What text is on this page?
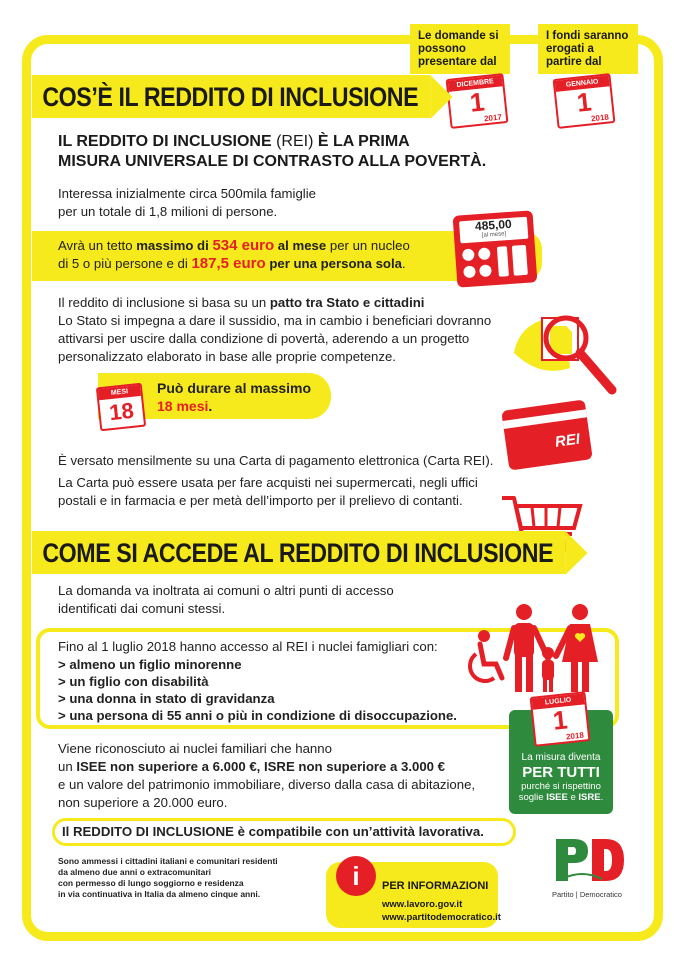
Le domande si possono presentare dal
I fondi saranno erogati a partire dal
DICEMBRE
1
2017
GENNAIO
1
2018
COS’È IL REDDITO DI INCLUSIONE
IL REDDITO DI INCLUSIONE (REI) È LA PRIMA
MISURA UNIVERSALE DI CONTRASTO ALLA POVERTÀ.
Interessa inizialmente circa 500mila famiglie
per un totale di 1,8 milioni di persone.
Avrà un tetto massimo di 534 euro al mese per un nucleo
di 5 o più persone e di 187,5 euro per una persona sola.
485,00
[al mese]
Il reddito di inclusione si basa su un patto tra Stato e cittadini
Lo Stato si impegna a dare il sussidio, ma in cambio i beneficiari dovranno
attivarsi per uscire dalla condizione di povertà, aderendo a un progetto
personalizzato elaborato in base alle proprie competenze.
MESI
18
Può durare al massimo
18 mesi.
REI
È versato mensilmente su una Carta di pagamento elettronica (Carta REI).
La Carta può essere usata per fare acquisti nei supermercati, negli uffici
postali e in farmacia e per metà dell’importo per il prelievo di contanti.
COME SI ACCEDE AL REDDITO DI INCLUSIONE
La domanda va inoltrata ai comuni o altri punti di accesso
identificati dai comuni stessi.
Fino al 1 luglio 2018 hanno accesso al REI i nuclei famigliari con:
> almeno un figlio minorenne
> un figlio con disabilità
> una donna in stato di gravidanza
> una persona di 55 anni o più in condizione di disoccupazione.
Viene riconosciuto ai nuclei familiari che hanno
un ISEE non superiore a 6.000 €, ISRE non superiore a 3.000 €
e un valore del patrimonio immobiliare, diverso dalla casa di abitazione,
non superiore a 20.000 euro.
LUGLIO
1
2018
La misura diventa
PER TUTTI
purché si rispettino
soglie ISEE e ISRE.
Il REDDITO DI INCLUSIONE è compatibile con un’attività lavorativa.
Sono ammessi i cittadini italiani e comunitari residenti
da almeno due anni o extracomunitari
con permesso di lungo soggiorno e residenza
in via continuativa in Italia da almeno cinque anni.
i	PER INFORMAZIONI
www.lavoro.gov.it
www.partitodemocratico.it
Partito | Democratico
